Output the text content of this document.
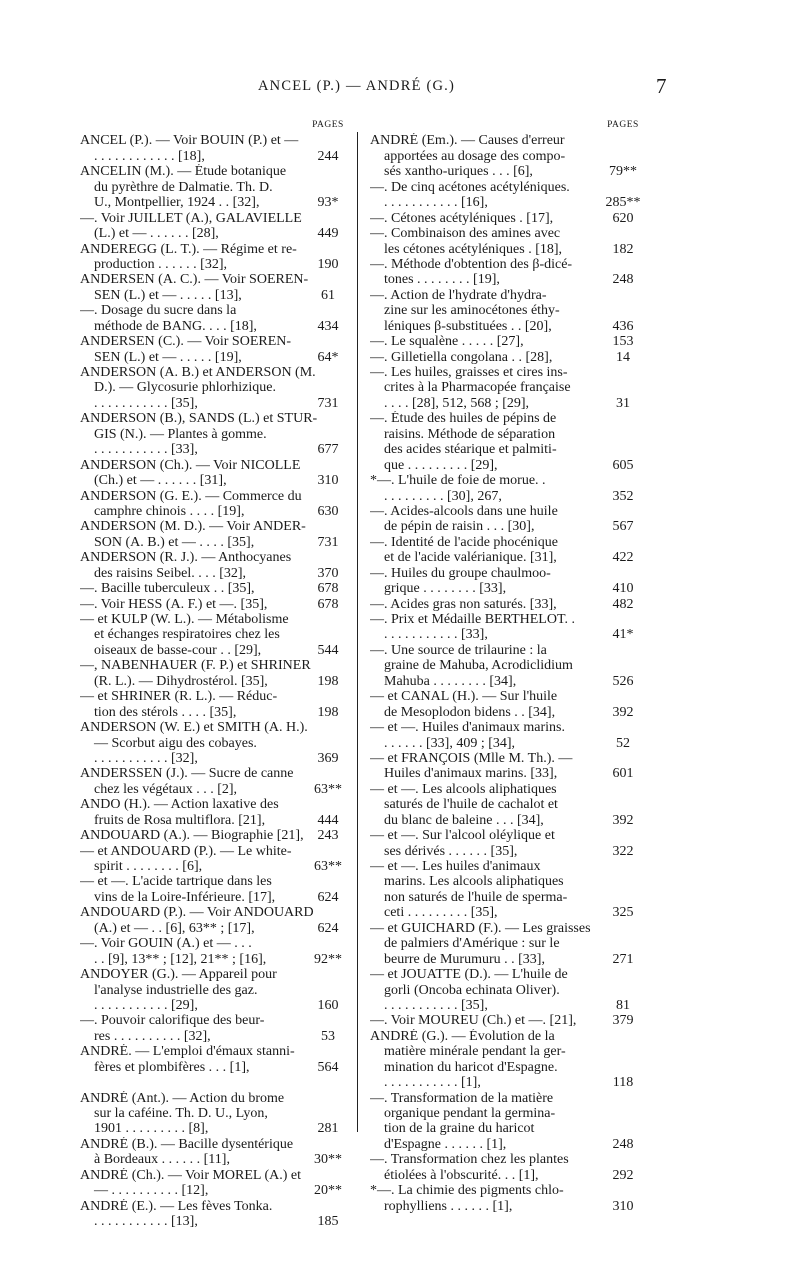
ANCEL (P.) — ANDRÉ (G.)	7
ANCEL (P.). — Voir BOUIN (P.) et —
. . . . . . . . . . . . [18],
ANCELIN (M.). — Étude botanique
du pyrèthre de Dalmatie. Th. D.
U., Montpellier, 1924 . . [32],
—. Voir JUILLET (A.), GALAVIELLE
(L.) et — . . . . . . [28],
ANDEREGG (L. T.). — Régime et re-
production . . . . . . [32],
ANDERSEN (A. C.). — Voir SOEREN-
SEN (L.) et — . . . . . [13],
—. Dosage du sucre dans la
méthode de BANG. . . . [18],
ANDERSEN (C.). — Voir SOEREN-
SEN (L.) et — . . . . . [19],
ANDERSON (A. B.) et ANDERSON (M.
D.). — Glycosurie phlorhizique.
. . . . . . . . . . . [35],
ANDERSON (B.), SANDS (L.) et STUR-
GIS (N.). — Plantes à gomme.
. . . . . . . . . . . [33],
ANDERSON (Ch.). — Voir NICOLLE
(Ch.) et — . . . . . . [31],
ANDERSON (G. E.). — Commerce du
camphre chinois . . . . [19],
ANDERSON (M. D.). — Voir ANDER-
SON (A. B.) et — . . . . [35],
ANDERSON (R. J.). — Anthocyanes
des raisins Seibel. . . . [32],
—. Bacille tuberculeux . . [35],
—. Voir HESS (A. F.) et —. [35],
— et KULP (W. L.). — Métabolisme
et échanges respiratoires chez les
oiseaux de basse-cour . . [29],
—, NABENHAUER (F. P.) et SHRINER
(R. L.). — Dihydrostérol. [35],
— et SHRINER (R. L.). — Réduc-
tion des stérols . . . . [35],
ANDERSON (W. E.) et SMITH (A. H.).
— Scorbut aigu des cobayes.
. . . . . . . . . . . [32],
ANDERSSEN (J.). — Sucre de canne
chez les végétaux . . . [2],
ANDO (H.). — Action laxative des
fruits de Rosa multiflora. [21],
ANDOUARD (A.). — Biographie [21],
— et ANDOUARD (P.). — Le white-
spirit . . . . . . . . [6],
— et —. L'acide tartrique dans les
vins de la Loire-Inférieure. [17],
ANDOUARD (P.). — Voir ANDOUARD
(A.) et — . . [6], 63** ; [17],
—. Voir GOUIN (A.) et — . . .
. . [9], 13** ; [12], 21** ; [16],
ANDOYER (G.). — Appareil pour
l'analyse industrielle des gaz.
. . . . . . . . . . . [29],
—. Pouvoir calorifique des beur-
res . . . . . . . . . . [32],
ANDRÉ. — L'emploi d'émaux stanni-
fères et plombifères . . . [1],
ANDRÉ (Ant.). — Action du brome
sur la caféine. Th. D. U., Lyon,
1901 . . . . . . . . . [8],
ANDRÉ (B.). — Bacille dysentérique
à Bordeaux . . . . . . [11],
ANDRÉ (Ch.). — Voir MOREL (A.) et
— . . . . . . . . . . [12],
ANDRÉ (E.). — Les fèves Tonka.
. . . . . . . . . . . [13],
PAGES
244
93*
449
190
61
434
64*
731
677
310
630
731
370
678
678
544
198
198
369
63**
444
243
63**
624
624
92**
160
53
564
281
30**
20**
185
ANDRÉ (Em.). — Causes d'erreur
apportées au dosage des compo-
sés xantho-uriques . . . [6],
—. De cinq acétones acétyléniques.
. . . . . . . . . . . [16],
—. Cétones acétyléniques . [17],
—. Combinaison des amines avec
les cétones acétyléniques . [18],
—. Méthode d'obtention des β-dicé-
tones . . . . . . . . [19],
—. Action de l'hydrate d'hydra-
zine sur les aminocétones éthy-
léniques β-substituées . . [20],
—. Le squalène . . . . . [27],
—. Gilletiella congolana . . [28],
—. Les huiles, graisses et cires ins-
crites à la Pharmacopée française
. . . . [28], 512, 568 ; [29],
—. Étude des huiles de pépins de
raisins. Méthode de séparation
des acides stéarique et palmiti-
que . . . . . . . . . [29],
*—. L'huile de foie de morue. .
. . . . . . . . . [30], 267,
—. Acides-alcools dans une huile
de pépin de raisin . . . [30],
—. Identité de l'acide phocénique
et de l'acide valérianique. [31],
—. Huiles du groupe chaulmoo-
grique . . . . . . . . [33],
—. Acides gras non saturés. [33],
—. Prix et Médaille BERTHELOT. .
. . . . . . . . . . . [33],
—. Une source de trilaurine : la
graine de Mahuba, Acrodiclidium
Mahuba . . . . . . . . [34],
— et CANAL (H.). — Sur l'huile
de Mesoplodon bidens . . [34],
— et —. Huiles d'animaux marins.
. . . . . . [33], 409 ; [34],
— et FRANÇOIS (Mlle M. Th.). —
Huiles d'animaux marins. [33],
— et —. Les alcools aliphatiques
saturés de l'huile de cachalot et
du blanc de baleine . . . [34],
— et —. Sur l'alcool oléylique et
ses dérivés . . . . . . [35],
— et —. Les huiles d'animaux
marins. Les alcools aliphatiques
non saturés de l'huile de sperma-
ceti . . . . . . . . . [35],
— et GUICHARD (F.). — Les graisses
de palmiers d'Amérique : sur le
beurre de Murumuru . . [33],
— et JOUATTE (D.). — L'huile de
gorli (Oncoba echinata Oliver).
. . . . . . . . . . . [35],
—. Voir MOUREU (Ch.) et —. [21],
ANDRÉ (G.). — Évolution de la
matière minérale pendant la ger-
mination du haricot d'Espagne.
. . . . . . . . . . . [1],
—. Transformation de la matière
organique pendant la germina-
tion de la graine du haricot
d'Espagne . . . . . . [1],
—. Transformation chez les plantes
étiolées à l'obscurité. . . [1],
*—. La chimie des pigments chlo-
rophylliens . . . . . . [1],
PAGES
79**
285**
620
182
248
436
153
14
31
605
352
567
422
410
482
41*
526
392
52
601
392
322
325
271
81
379
118
248
292
310
